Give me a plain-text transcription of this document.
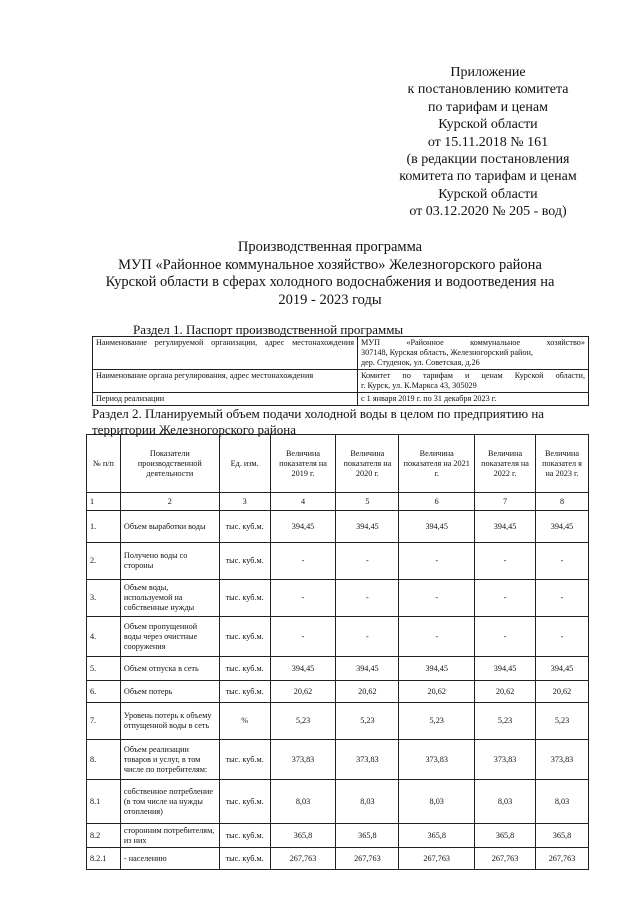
Приложение
к постановлению комитета
по тарифам и ценам
Курской области
от 15.11.2018 № 161
(в редакции постановления
комитета по тарифам и ценам
Курской области
от 03.12.2020 № 205 - вод)
Производственная программа
МУП «Районное коммунальное хозяйство» Железногорского района
Курской области в сферах холодного водоснабжения и водоотведения на
2019 - 2023 годы
Раздел 1. Паспорт производственной программы
Наименование регулируемой организации, адрес местонахождения	МУП «Районное коммунальное хозяйство»
307148, Курская область, Железногорский район,
дер. Студенок, ул. Советская, д.26

Наименование органа регулирования, адрес местонахождения	Комитет по тарифам и ценам Курской области,
г. Курск, ул. К.Маркса 43, 305029

Период реализации	с 1 января 2019 г. по 31 декабря 2023 г.
Раздел 2. Планируемый объем подачи холодной воды в целом по предприятию на территории Железногорского района
№ п/п	Показатели производственной деятельности	Ед. изм.	Величина показателя на 2019 г.	Величина показателя на 2020 г.	Величина показателя на 2021 г.	Величина показателя на 2022 г.	Величина показател я на 2023 г.
1	2	3	4	5	6	7	8
1.	Объем выработки воды	тыс. куб.м.	394,45	394,45	394,45	394,45	394,45
2.	Получено воды со стороны	тыс. куб.м.	-	-	-	-	-
3.	Объем воды, используемой на собственные нужды	тыс. куб.м.	-	-	-	-	-
4.	Объем пропущенной воды через очистные сооружения	тыс. куб.м.	-	-	-	-	-
5.	Объем отпуска в сеть	тыс. куб.м.	394,45	394,45	394,45	394,45	394,45
6.	Объем потерь	тыс. куб.м.	20,62	20,62	20,62	20,62	20,62
7.	Уровень потерь к объему отпущенной воды в сеть	%	5,23	5,23	5,23	5,23	5,23
8.	Объем реализации товаров и услуг, в том числе по потребителям:	тыс. куб.м.	373,83	373,83	373,83	373,83	373,83
8.1	собственное потребление (в том числе на нужды отопления)	тыс. куб.м.	8,03	8,03	8,03	8,03	8,03
8.2	сторонним потребителям, из них	тыс. куб.м.	365,8	365,8	365,8	365,8	365,8
8.2.1	- населению	тыс. куб.м.	267,763	267,763	267,763	267,763	267,763
